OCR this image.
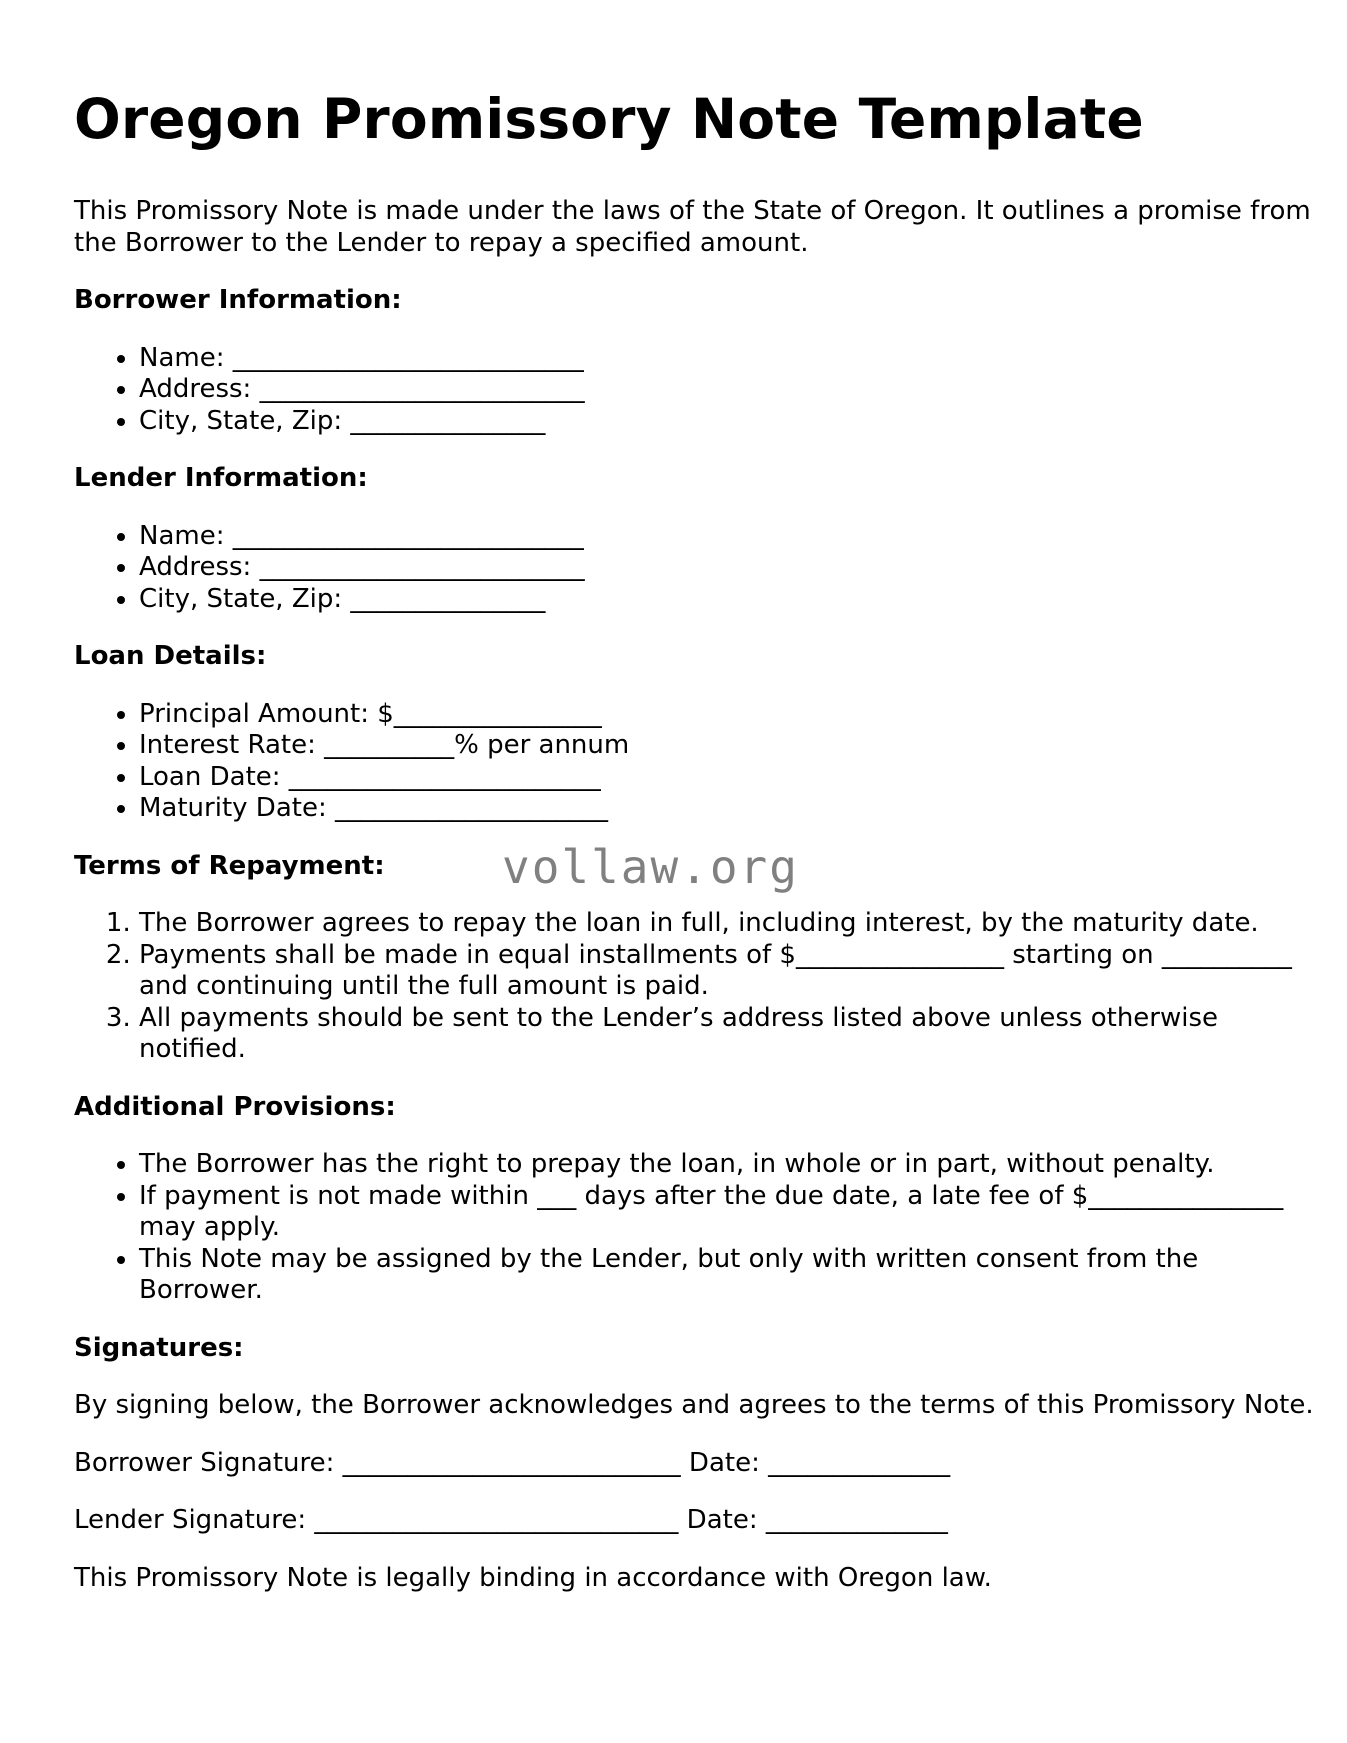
Oregon Promissory Note Template

This Promissory Note is made under the laws of the State of Oregon. It outlines a promise from the Borrower to the Lender to repay a specified amount.

Borrower Information:
• Name: ___________________________
• Address: _________________________
• City, State, Zip: _______________
Lender Information:
• Name: ___________________________
• Address: _________________________
• City, State, Zip: _______________
Loan Details:
• Principal Amount: $________________
• Interest Rate: __________% per annum
• Loan Date: ________________________
• Maturity Date: _____________________
Terms of Repayment:
1. The Borrower agrees to repay the loan in full, including interest, by the maturity date.
2. Payments shall be made in equal installments of $________________ starting on __________ and continuing until the full amount is paid.
3. All payments should be sent to the Lender’s address listed above unless otherwise notified.
Additional Provisions:
• The Borrower has the right to prepay the loan, in whole or in part, without penalty.
• If payment is not made within ___ days after the due date, a late fee of $_______________ may apply.
• This Note may be assigned by the Lender, but only with written consent from the Borrower.
Signatures:

By signing below, the Borrower acknowledges and agrees to the terms of this Promissory Note.

Borrower Signature: __________________________ Date: ______________

Lender Signature: ____________________________ Date: ______________

This Promissory Note is legally binding in accordance with Oregon law.

vollaw.org
